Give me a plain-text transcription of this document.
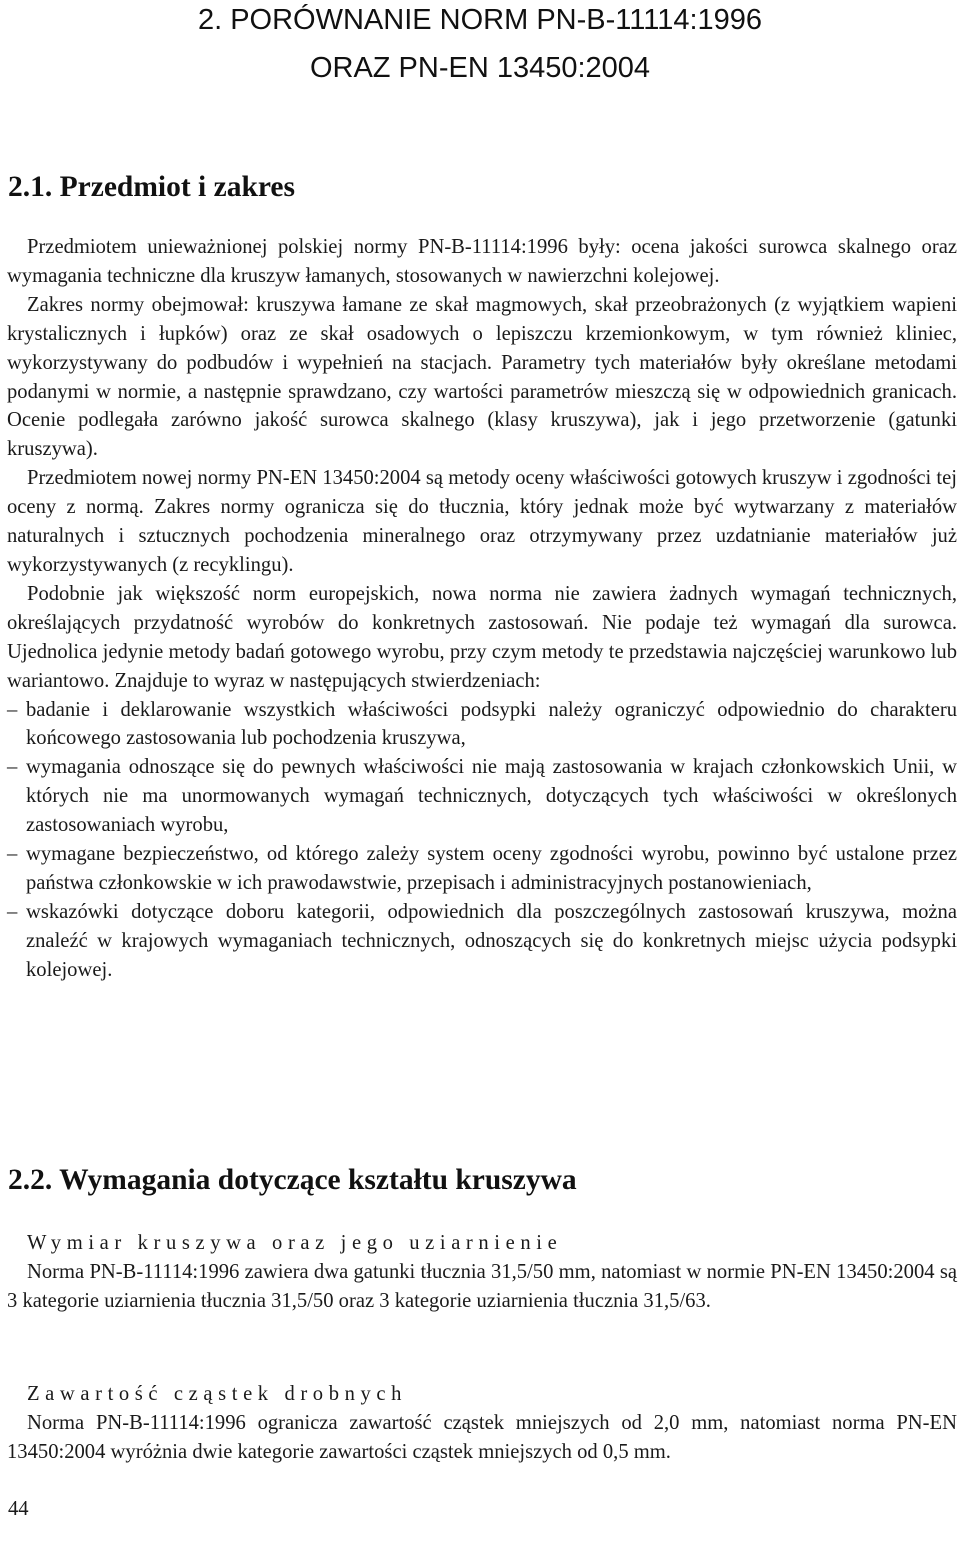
2. PORÓWNANIE NORM PN-B-11114:1996
ORAZ PN-EN 13450:2004
2.1. Przedmiot i zakres

Przedmiotem unieważnionej polskiej normy PN-B-11114:1996 były: ocena jakości surowca skalnego oraz wymagania techniczne dla kruszyw łamanych, stosowanych w nawierzchni kolejowej.

Zakres normy obejmował: kruszywa łamane ze skał magmowych, skał przeobrażonych (z wyjątkiem wapieni krystalicznych i łupków) oraz ze skał osadowych o lepiszczu krzemionkowym, w tym również kliniec, wykorzystywany do podbudów i wypełnień na stacjach. Parametry tych materiałów były określane metodami podanymi w normie, a następnie sprawdzano, czy wartości parametrów mieszczą się w odpowiednich granicach. Ocenie podlegała zarówno jakość surowca skalnego (klasy kruszywa), jak i jego przetworzenie (gatunki kruszywa).

Przedmiotem nowej normy PN-EN 13450:2004 są metody oceny właściwości gotowych kruszyw i zgodności tej oceny z normą. Zakres normy ogranicza się do tłucznia, który jednak może być wytwarzany z materiałów naturalnych i sztucznych pochodzenia mineralnego oraz otrzymywany przez uzdatnianie materiałów już wykorzystywanych (z recyklingu).

Podobnie jak większość norm europejskich, nowa norma nie zawiera żadnych wymagań technicznych, określających przydatność wyrobów do konkretnych zastosowań. Nie podaje też wymagań dla surowca. Ujednolica jedynie metody badań gotowego wyrobu, przy czym metody te przedstawia najczęściej warunkowo lub wariantowo. Znajduje to wyraz w następujących stwierdzeniach:

– badanie i deklarowanie wszystkich właściwości podsypki należy ograniczyć odpowiednio do charakteru końcowego zastosowania lub pochodzenia kruszywa,
– wymagania odnoszące się do pewnych właściwości nie mają zastosowania w krajach członkowskich Unii, w których nie ma unormowanych wymagań technicznych, dotyczących tych właściwości w określonych zastosowaniach wyrobu,
– wymagane bezpieczeństwo, od którego zależy system oceny zgodności wyrobu, powinno być ustalone przez państwa członkowskie w ich prawodawstwie, przepisach i administracyjnych postanowieniach,
– wskazówki dotyczące doboru kategorii, odpowiednich dla poszczególnych zastosowań kruszywa, można znaleźć w krajowych wymaganiach technicznych, odnoszących się do konkretnych miejsc użycia podsypki kolejowej.
2.2. Wymagania dotyczące kształtu kruszywa

Wymiar kruszywa oraz jego uziarnienie

Norma PN-B-11114:1996 zawiera dwa gatunki tłucznia 31,5/50 mm, natomiast w normie PN-EN 13450:2004 są 3 kategorie uziarnienia tłucznia 31,5/50 oraz 3 kategorie uziarnienia tłucznia 31,5/63.

Zawartość cząstek drobnych

Norma PN-B-11114:1996 ogranicza zawartość cząstek mniejszych od 2,0 mm, natomiast norma PN-EN 13450:2004 wyróżnia dwie kategorie zawartości cząstek mniejszych od 0,5 mm.

44
